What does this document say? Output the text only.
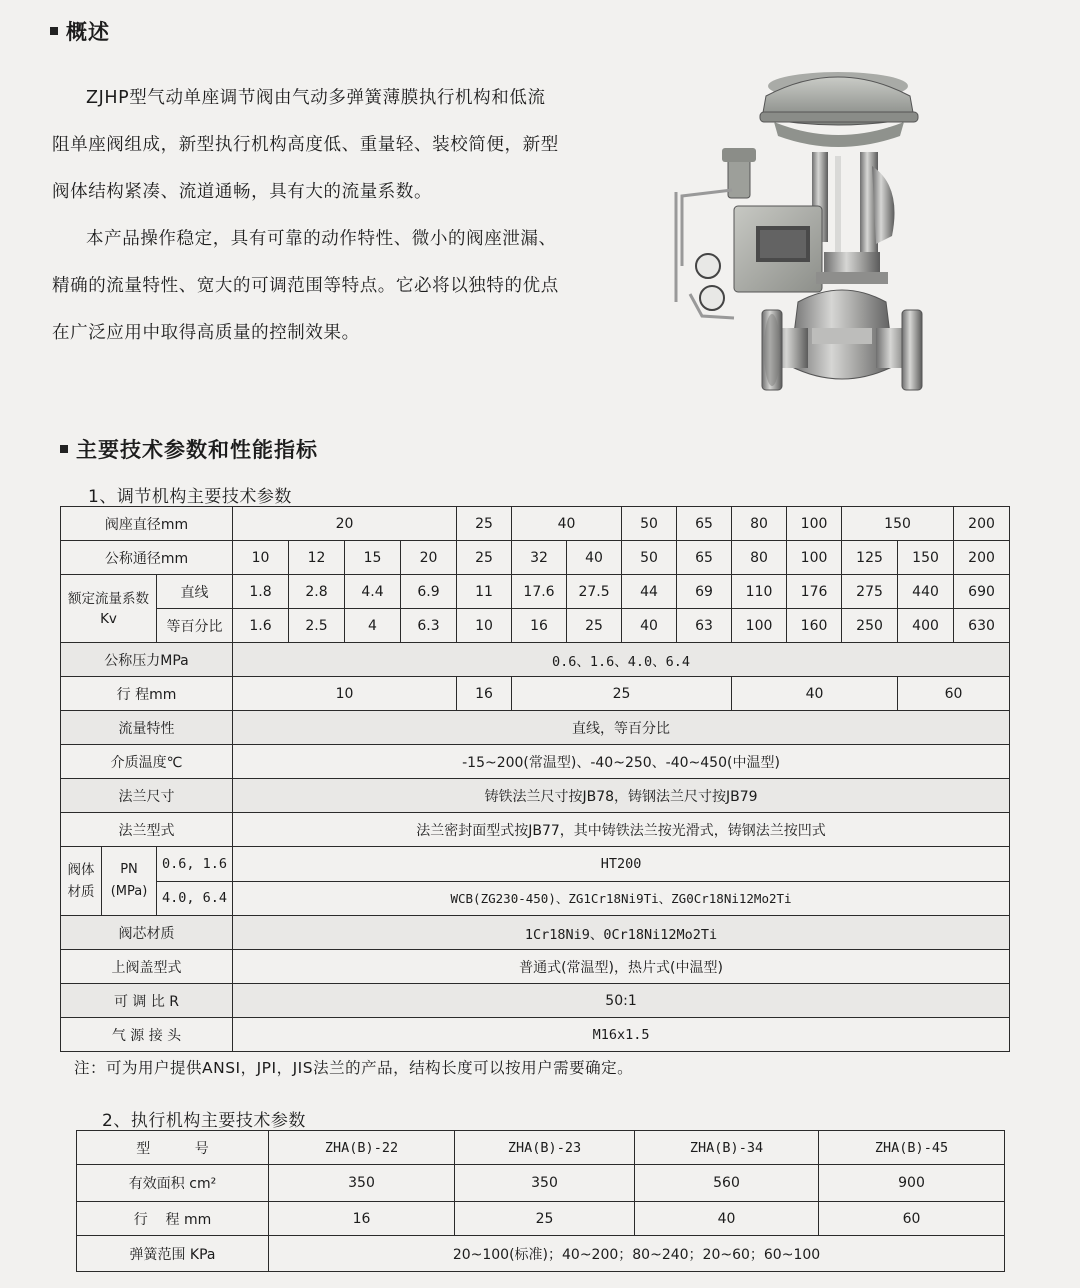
概述

ZJHP型气动单座调节阀由气动多弹簧薄膜执行机构和低流

阻单座阀组成，新型执行机构高度低、重量轻、装校简便，新型

阀体结构紧凑、流道通畅，具有大的流量系数。

本产品操作稳定，具有可靠的动作特性、微小的阀座泄漏、

精确的流量特性、宽大的可调范围等特点。它必将以独特的优点

在广泛应用中取得高质量的控制效果。

主要技术参数和性能指标
1、调节机构主要技术参数
阀座直径mm		20				25	40		50	65	80	100	150		200
公称通径mm		10	12	15	20	25	32	40	50	65	80	100	125	150	200
额定流量系数Kv	直线	1.8	2.8	4.4	6.9	11	17.6	27.5	44	69	110	176	275	440	690
	等百分比	1.6	2.5	4	6.3	10	16	25	40	63	100	160	250	400	630
公称压力MPa		0.6、1.6、4.0、6.4													
行 程mm		10				16	25				40			60	
流量特性		直线，等百分比													
介质温度℃		-15~200(常温型)、-40~250、-40~450(中温型)													
法兰尺寸		铸铁法兰尺寸按JB78，铸钢法兰尺寸按JB79													
法兰型式		法兰密封面型式按JB77，其中铸铁法兰按光滑式，铸钢法兰按凹式													

阀体材质
PN (MPa)	0.6, 1.6	HT200													
	4.0, 6.4	WCB(ZG230-450)、ZG1Cr18Ni9Ti、ZG0Cr18Ni12Mo2Ti													
阀芯材质		1Cr18Ni9、0Cr18Ni12Mo2Ti													
上阀盖型式		普通式(常温型)，热片式(中温型)													
可 调 比 R		50:1													
气 源 接 头		M16x1.5													
注：可为用户提供ANSI，JPI，JIS法兰的产品，结构长度可以按用户需要确定。
2、执行机构主要技术参数
型          号	ZHA(B)-22	ZHA(B)-23	ZHA(B)-34	ZHA(B)-45
有效面积 cm²	350	350	560	900
行    程 mm	16	25	40	60
弹簧范围 KPa	20~100(标准)；40~200；80~240；20~60；60~100			
